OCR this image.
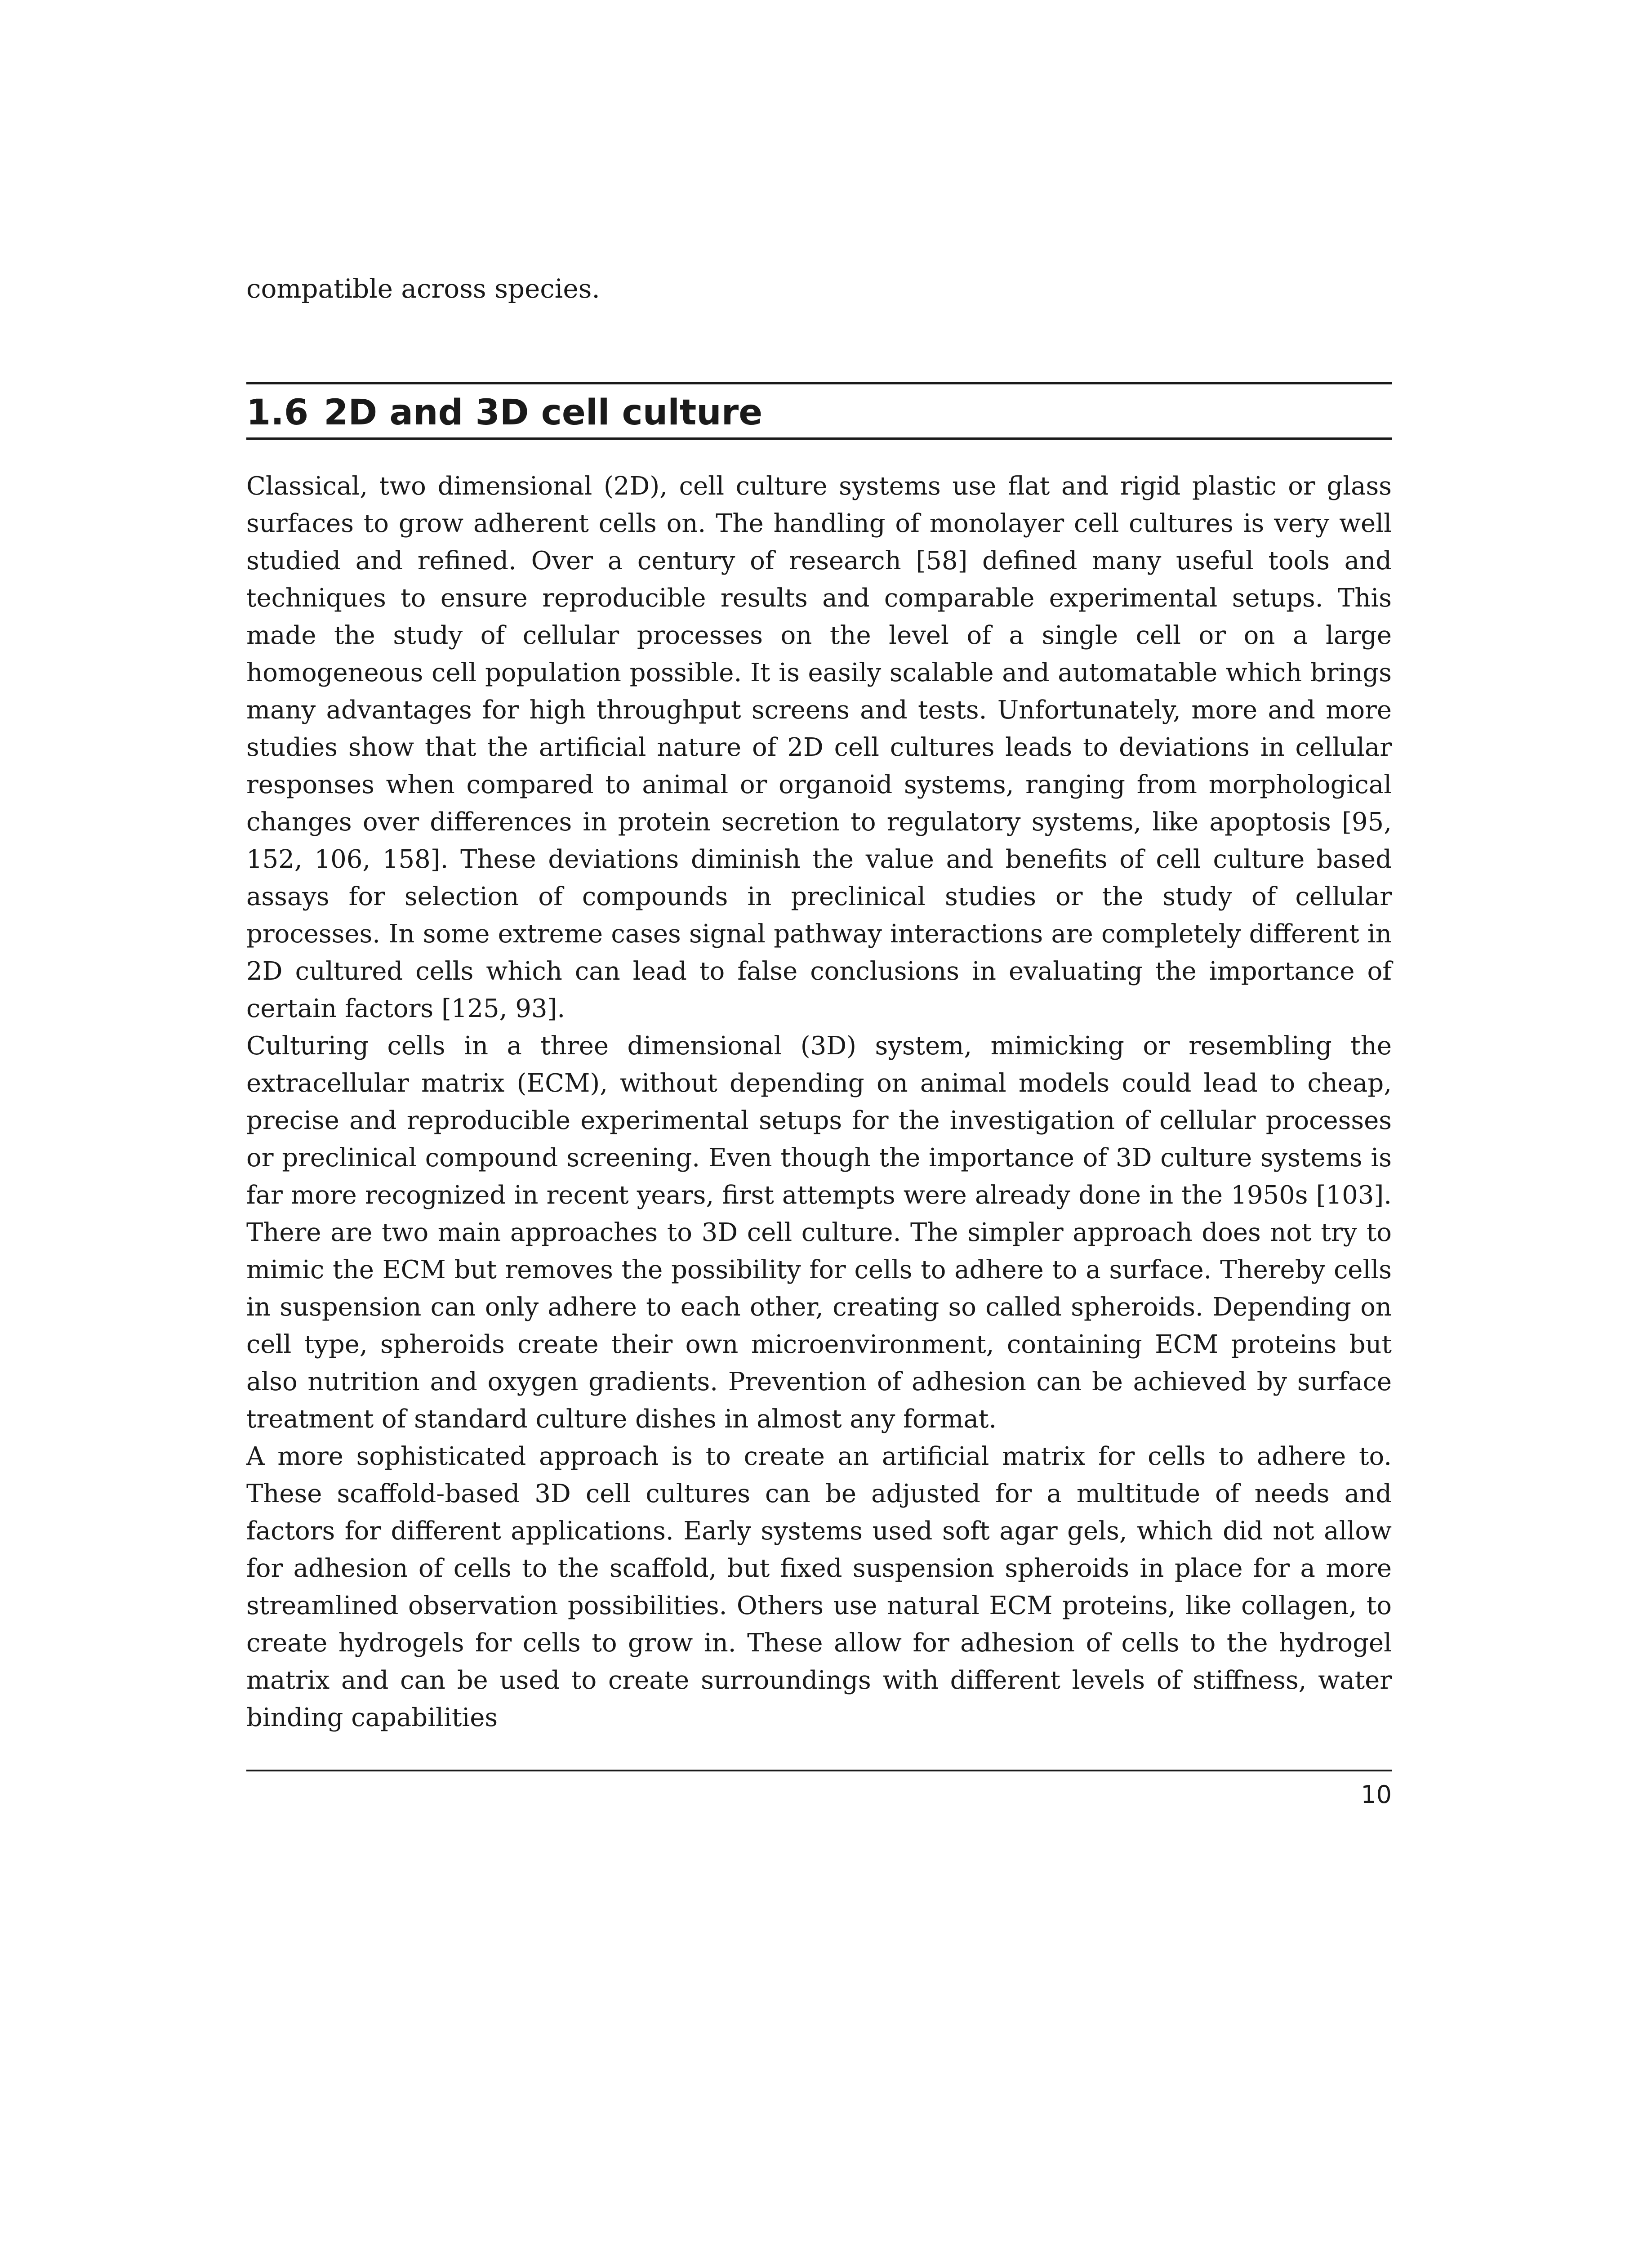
compatible across species.

1.6 2D and 3D cell culture

Classical, two dimensional (2D), cell culture systems use flat and rigid plastic or glass surfaces to grow adherent cells on. The handling of monolayer cell cultures is very well studied and refined. Over a century of research [58] defined many useful tools and techniques to ensure reproducible results and comparable experimental setups. This made the study of cellular processes on the level of a single cell or on a large homogeneous cell population possible. It is easily scalable and automatable which brings many advantages for high throughput screens and tests. Unfortunately, more and more studies show that the artificial nature of 2D cell cultures leads to deviations in cellular responses when compared to animal or organoid systems, ranging from morphological changes over differences in protein secretion to regulatory systems, like apoptosis [95, 152, 106, 158]. These deviations diminish the value and benefits of cell culture based assays for selection of compounds in preclinical studies or the study of cellular processes. In some extreme cases signal pathway interactions are completely different in 2D cultured cells which can lead to false conclusions in evaluating the importance of certain factors [125, 93].

Culturing cells in a three dimensional (3D) system, mimicking or resembling the extracellular matrix (ECM), without depending on animal models could lead to cheap, precise and reproducible experimental setups for the investigation of cellular processes or preclinical compound screening. Even though the importance of 3D culture systems is far more recognized in recent years, first attempts were already done in the 1950s [103]. There are two main approaches to 3D cell culture. The simpler approach does not try to mimic the ECM but removes the possibility for cells to adhere to a surface. Thereby cells in suspension can only adhere to each other, creating so called spheroids. Depending on cell type, spheroids create their own microenvironment, containing ECM proteins but also nutrition and oxygen gradients. Prevention of adhesion can be achieved by surface treatment of standard culture dishes in almost any format.

A more sophisticated approach is to create an artificial matrix for cells to adhere to. These scaffold-based 3D cell cultures can be adjusted for a multitude of needs and factors for different applications. Early systems used soft agar gels, which did not allow for adhesion of cells to the scaffold, but fixed suspension spheroids in place for a more streamlined observation possibilities. Others use natural ECM proteins, like collagen, to create hydrogels for cells to grow in. These allow for adhesion of cells to the hydrogel matrix and can be used to create surroundings with different levels of stiffness, water binding capabilities

10
